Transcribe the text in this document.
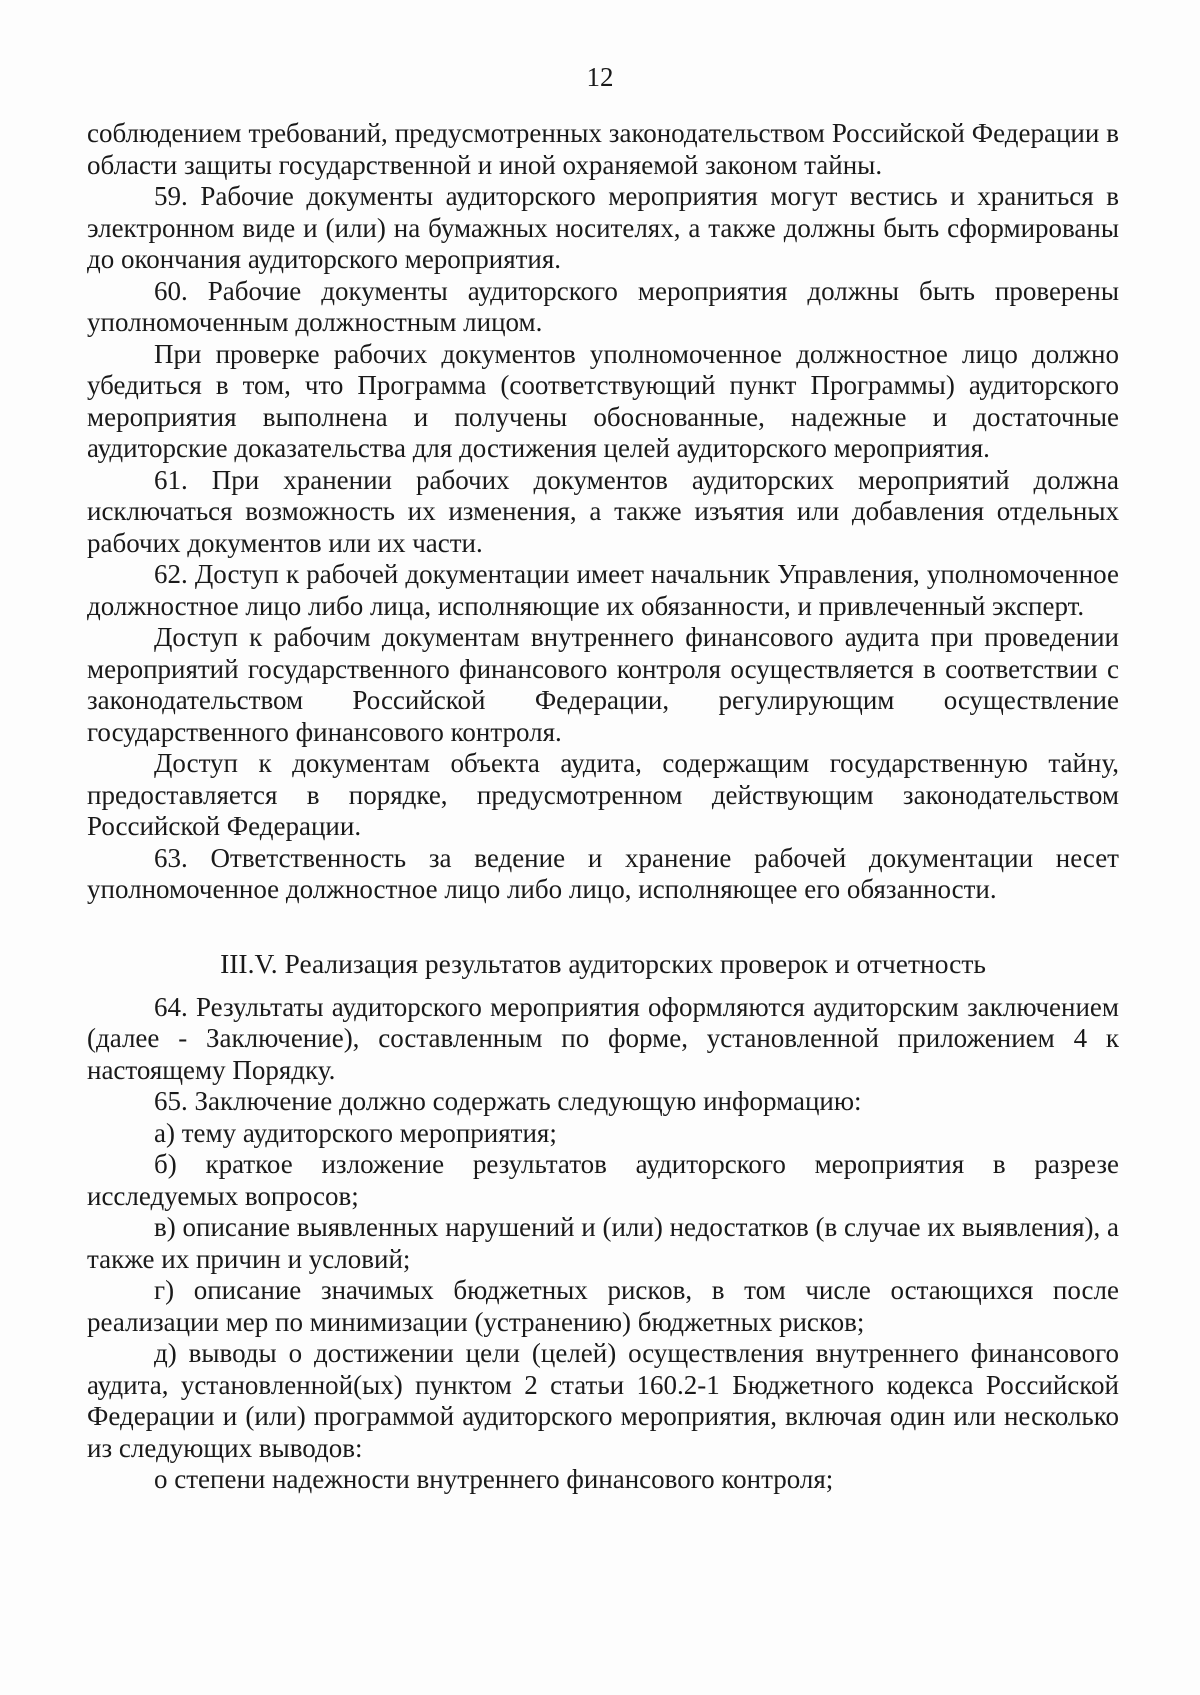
12

соблюдением требований, предусмотренных законодательством Российской Федерации в области защиты государственной и иной охраняемой законом тайны.

59. Рабочие документы аудиторского мероприятия могут вестись и храниться в электронном виде и (или) на бумажных носителях, а также должны быть сформированы до окончания аудиторского мероприятия.

60. Рабочие документы аудиторского мероприятия должны быть проверены уполномоченным должностным лицом.

При проверке рабочих документов уполномоченное должностное лицо должно убедиться в том, что Программа (соответствующий пункт Программы) аудиторского мероприятия выполнена и получены обоснованные, надежные и достаточные аудиторские доказательства для достижения целей аудиторского мероприятия.

61. При хранении рабочих документов аудиторских мероприятий должна исключаться возможность их изменения, а также изъятия или добавления отдельных рабочих документов или их части.

62. Доступ к рабочей документации имеет начальник Управления, уполномоченное должностное лицо либо лица, исполняющие их обязанности, и привлеченный эксперт.

Доступ к рабочим документам внутреннего финансового аудита при проведении мероприятий государственного финансового контроля осуществляется в соответствии с законодательством Российской Федерации, регулирующим осуществление государственного финансового контроля.

Доступ к документам объекта аудита, содержащим государственную тайну, предоставляется в порядке, предусмотренном действующим законодательством Российской Федерации.

63. Ответственность за ведение и хранение рабочей документации несет уполномоченное должностное лицо либо лицо, исполняющее его обязанности.

III.V. Реализация результатов аудиторских проверок и отчетность

64. Результаты аудиторского мероприятия оформляются аудиторским заключением (далее - Заключение), составленным по форме, установленной приложением 4 к настоящему Порядку.

65. Заключение должно содержать следующую информацию:

а) тему аудиторского мероприятия;

б) краткое изложение результатов аудиторского мероприятия в разрезе исследуемых вопросов;

в) описание выявленных нарушений и (или) недостатков (в случае их выявления), а также их причин и условий;

г) описание значимых бюджетных рисков, в том числе остающихся после реализации мер по минимизации (устранению) бюджетных рисков;

д) выводы о достижении цели (целей) осуществления внутреннего финансового аудита, установленной(ых) пунктом 2 статьи 160.2-1 Бюджетного кодекса Российской Федерации и (или) программой аудиторского мероприятия, включая один или несколько из следующих выводов:

о степени надежности внутреннего финансового контроля;
